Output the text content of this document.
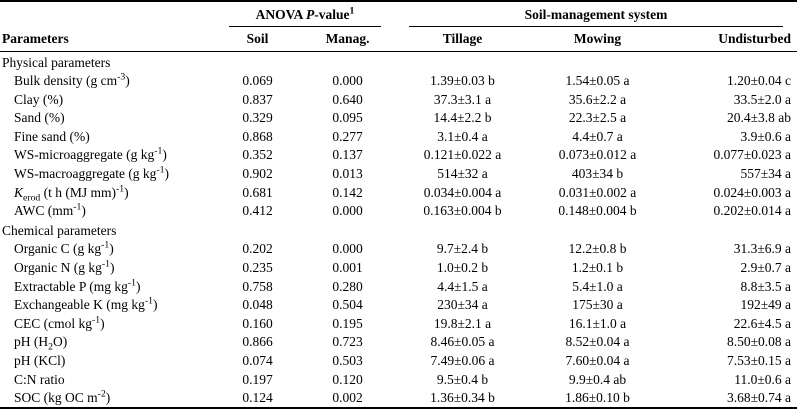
Parameters	ANOVA P-value$^1$		Soil-management system		

	Soil	Manag.	Tillage	Mowing	Undisturbed
Physical parameters					
Bulk density (g $cm^{-3}$)	0.069	0.000	1.39±0.03 b	1.54±0.05 a	1.20±0.04 c
Clay (%)	0.837	0.640	37.3±3.1 a	35.6±2.2 a	33.5±2.0 a
Sand (%)	0.329	0.095	14.4±2.2 b	22.3±2.5 a	20.4±3.8 ab
Fine sand (%)	0.868	0.277	3.1±0.4 a	4.4±0.7 a	3.9±0.6 a
WS-microaggregate (g $kg^{-1}$)	0.352	0.137	0.121±0.022 a	0.073±0.012 a	0.077±0.023 a
WS-macroaggregate (g $kg^{-1}$)	0.902	0.013	514±32 a	403±34 b	557±34 a
$K_{erod}$ (t h (MJ mm)$^{-1}$)	0.681	0.142	0.034±0.004 a	0.031±0.002 a	0.024±0.003 a
AWC $(mm^{-1})$	0.412	0.000	0.163±0.004 b	0.148±0.004 b	0.202±0.014 a
Chemical parameters					
Organic C (g $kg^{-1}$)	0.202	0.000	9.7±2.4 b	12.2±0.8 b	31.3±6.9 a
Organic N (g $kg^{-1}$)	0.235	0.001	1.0±0.2 b	1.2±0.1 b	2.9±0.7 a
Extractable P (mg $kg^{-1}$)	0.758	0.280	4.4±1.5 a	5.4±1.0 a	8.8±3.5 a
Exchangeable K (mg $kg^{-1}$)	0.048	0.504	230±34 a	175±30 a	192±49 a
CEC (cmol $kg^{-1}$)	0.160	0.195	19.8±2.1 a	16.1±1.0 a	22.6±4.5 a
pH $(H_2O)$	0.866	0.723	8.46±0.05 a	8.52±0.04 a	8.50±0.08 a
pH (KCl)	0.074	0.503	7.49±0.06 a	7.60±0.04 a	7.53±0.15 a
C:N ratio	0.197	0.120	9.5±0.4 b	9.9±0.4 ab	11.0±0.6 a
SOC (kg OC $m^{-2}$)	0.124	0.002	1.36±0.34 b	1.86±0.10 b	3.68±0.74 a
